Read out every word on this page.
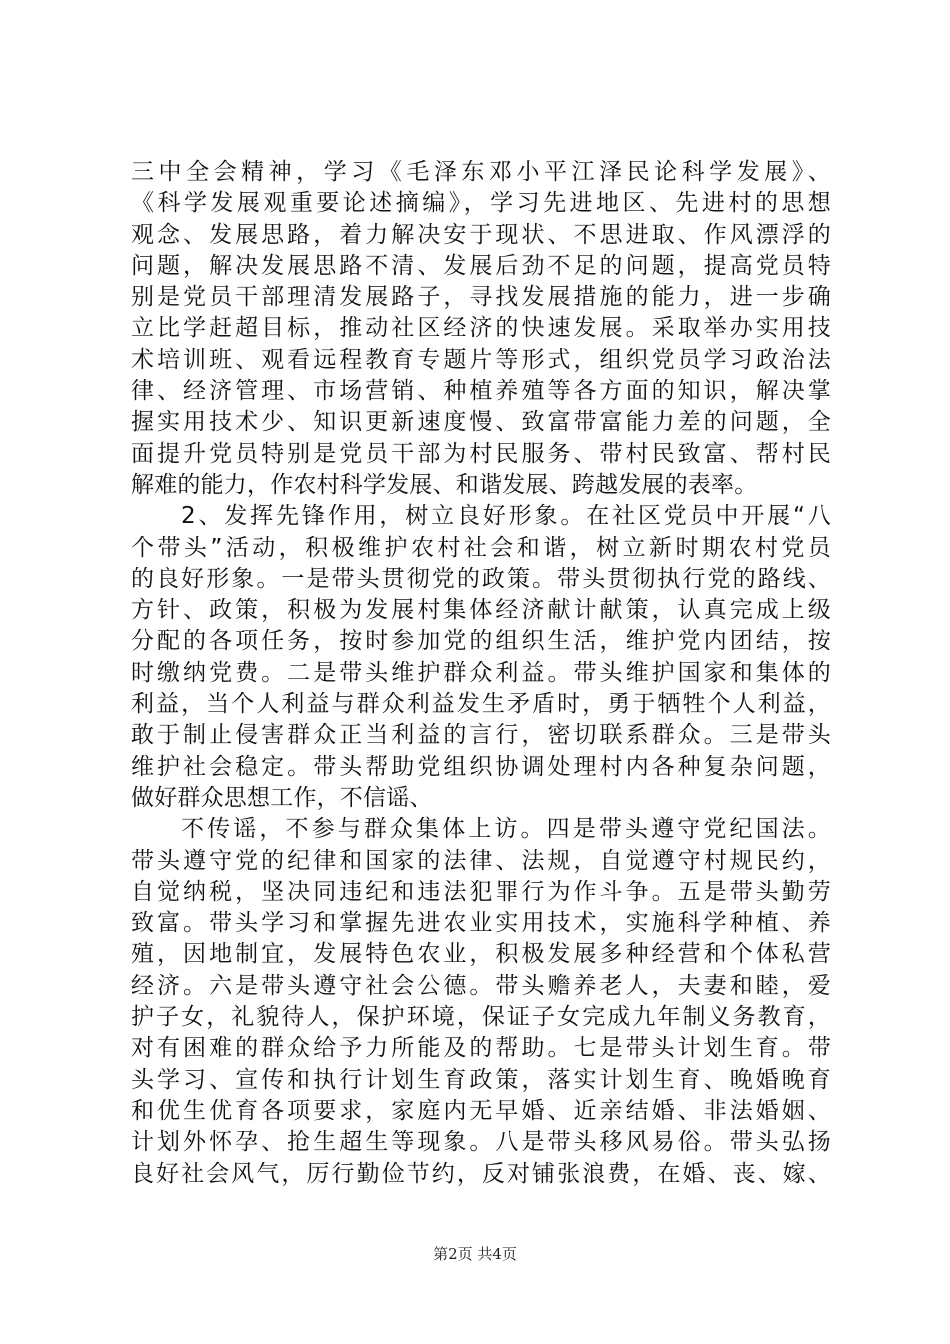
三中全会精神，学习《毛泽东邓小平江泽民论科学发展》、
《科学发展观重要论述摘编》，学习先进地区、先进村的思想
观念、发展思路，着力解决安于现状、不思进取、作风漂浮的
问题，解决发展思路不清、发展后劲不足的问题，提高党员特
别是党员干部理清发展路子，寻找发展措施的能力，进一步确
立比学赶超目标，推动社区经济的快速发展。采取举办实用技
术培训班、观看远程教育专题片等形式，组织党员学习政治法
律、经济管理、市场营销、种植养殖等各方面的知识，解决掌
握实用技术少、知识更新速度慢、致富带富能力差的问题，全
面提升党员特别是党员干部为村民服务、带村民致富、帮村民
解难的能力，作农村科学发展、和谐发展、跨越发展的表率。
2、发挥先锋作用，树立良好形象。在社区党员中开展“八
个带头”活动，积极维护农村社会和谐，树立新时期农村党员
的良好形象。一是带头贯彻党的政策。带头贯彻执行党的路线、
方针、政策，积极为发展村集体经济献计献策，认真完成上级
分配的各项任务，按时参加党的组织生活，维护党内团结，按
时缴纳党费。二是带头维护群众利益。带头维护国家和集体的
利益，当个人利益与群众利益发生矛盾时，勇于牺牲个人利益，
敢于制止侵害群众正当利益的言行，密切联系群众。三是带头
维护社会稳定。带头帮助党组织协调处理村内各种复杂问题，
做好群众思想工作，不信谣、
不传谣，不参与群众集体上访。四是带头遵守党纪国法。
带头遵守党的纪律和国家的法律、法规，自觉遵守村规民约，
自觉纳税，坚决同违纪和违法犯罪行为作斗争。五是带头勤劳
致富。带头学习和掌握先进农业实用技术，实施科学种植、养
殖，因地制宜，发展特色农业，积极发展多种经营和个体私营
经济。六是带头遵守社会公德。带头赡养老人，夫妻和睦，爱
护子女，礼貌待人，保护环境，保证子女完成九年制义务教育，
对有困难的群众给予力所能及的帮助。七是带头计划生育。带
头学习、宣传和执行计划生育政策，落实计划生育、晚婚晚育
和优生优育各项要求，家庭内无早婚、近亲结婚、非法婚姻、
计划外怀孕、抢生超生等现象。八是带头移风易俗。带头弘扬
良好社会风气，厉行勤俭节约，反对铺张浪费，在婚、丧、嫁、
第2页 共4页
